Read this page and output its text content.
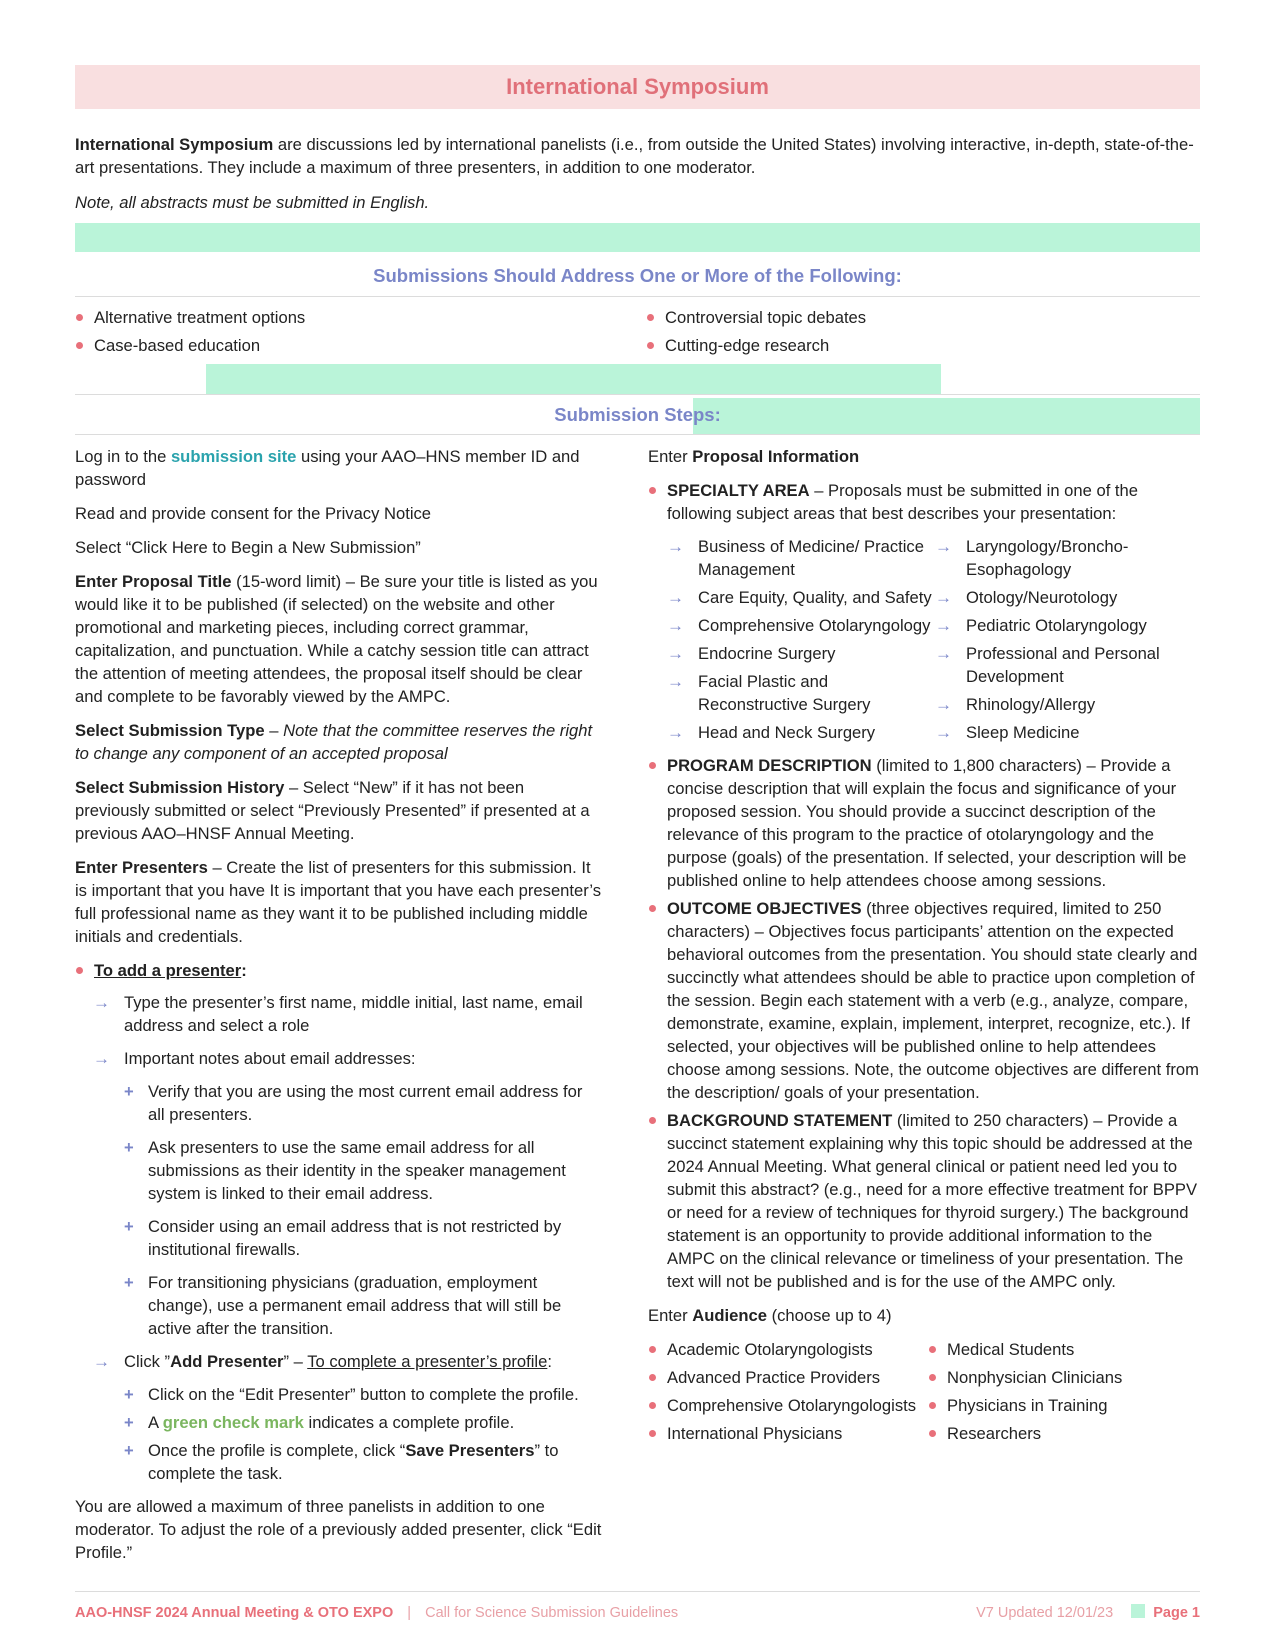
International Symposium

International Symposium are discussions led by international panelists (i.e., from outside the United States) involving interactive, in-depth, state-of-the-art presentations. They include a maximum of three presenters, in addition to one moderator.

Note, all abstracts must be submitted in English.

Submissions Should Address One or More of the Following:
Alternative treatment options
Case-based education
Controversial topic debates
Cutting-edge research
Submission Steps:

Log in to the submission site using your AAO–HNS member ID and password

Read and provide consent for the Privacy Notice

Select “Click Here to Begin a New Submission”

Enter Proposal Title (15-word limit) – Be sure your title is listed as you would like it to be published (if selected) on the website and other promotional and marketing pieces, including correct grammar, capitalization, and punctuation. While a catchy session title can attract the attention of meeting attendees, the proposal itself should be clear and complete to be favorably viewed by the AMPC.

Select Submission Type – Note that the committee reserves the right to change any component of an accepted proposal

Select Submission History – Select “New” if it has not been previously submitted or select “Previously Presented” if presented at a previous AAO–HNSF Annual Meeting.

Enter Presenters – Create the list of presenters for this submission. It is important that you have It is important that you have each presenter’s full professional name as they want it to be published including middle initials and credentials.

To add a presenter:
→ Type the presenter’s first name, middle initial, last name, email address and select a role
→ Important notes about email addresses:
+ Verify that you are using the most current email address for all presenters.
+ Ask presenters to use the same email address for all submissions as their identity in the speaker management system is linked to their email address.
+ Consider using an email address that is not restricted by institutional firewalls.
+ For transitioning physicians (graduation, employment change), use a permanent email address that will still be active after the transition.
→ Click ”Add Presenter” – To complete a presenter’s profile:
+ Click on the “Edit Presenter” button to complete the profile.
+ A green check mark indicates a complete profile.
+ Once the profile is complete, click “Save Presenters” to complete the task.

You are allowed a maximum of three panelists in addition to one moderator. To adjust the role of a previously added presenter, click “Edit Profile.”

Enter Proposal Information

SPECIALTY AREA – Proposals must be submitted in one of the following subject areas that best describes your presentation:
→ Business of Medicine/ Practice Management
→ Care Equity, Quality, and Safety
→ Comprehensive Otolaryngology
→ Endocrine Surgery
→ Facial Plastic and Reconstructive Surgery
→ Head and Neck Surgery
→ Laryngology/Broncho-Esophagology
→ Otology/Neurotology
→ Pediatric Otolaryngology
→ Professional and Personal Development
→ Rhinology/Allergy
→ Sleep Medicine
PROGRAM DESCRIPTION (limited to 1,800 characters) – Provide a concise description that will explain the focus and significance of your proposed session. You should provide a succinct description of the relevance of this program to the practice of otolaryngology and the purpose (goals) of the presentation. If selected, your description will be published online to help attendees choose among sessions.
OUTCOME OBJECTIVES (three objectives required, limited to 250 characters) – Objectives focus participants’ attention on the expected behavioral outcomes from the presentation. You should state clearly and succinctly what attendees should be able to practice upon completion of the session. Begin each statement with a verb (e.g., analyze, compare, demonstrate, examine, explain, implement, interpret, recognize, etc.). If selected, your objectives will be published online to help attendees choose among sessions. Note, the outcome objectives are different from the description/ goals of your presentation.
BACKGROUND STATEMENT (limited to 250 characters) – Provide a succinct statement explaining why this topic should be addressed at the 2024 Annual Meeting. What general clinical or patient need led you to submit this abstract? (e.g., need for a more effective treatment for BPPV or need for a review of techniques for thyroid surgery.) The background statement is an opportunity to provide additional information to the AMPC on the clinical relevance or timeliness of your presentation. The text will not be published and is for the use of the AMPC only.

Enter Audience (choose up to 4)

Academic Otolaryngologists
Advanced Practice Providers
Comprehensive Otolaryngologists
International Physicians
Medical Students
Nonphysician Clinicians
Physicians in Training
Researchers
AAO-HNSF 2024 Annual Meeting & OTO EXPO | Call for Science Submission Guidelines	V7 Updated 12/01/23	Page 1
